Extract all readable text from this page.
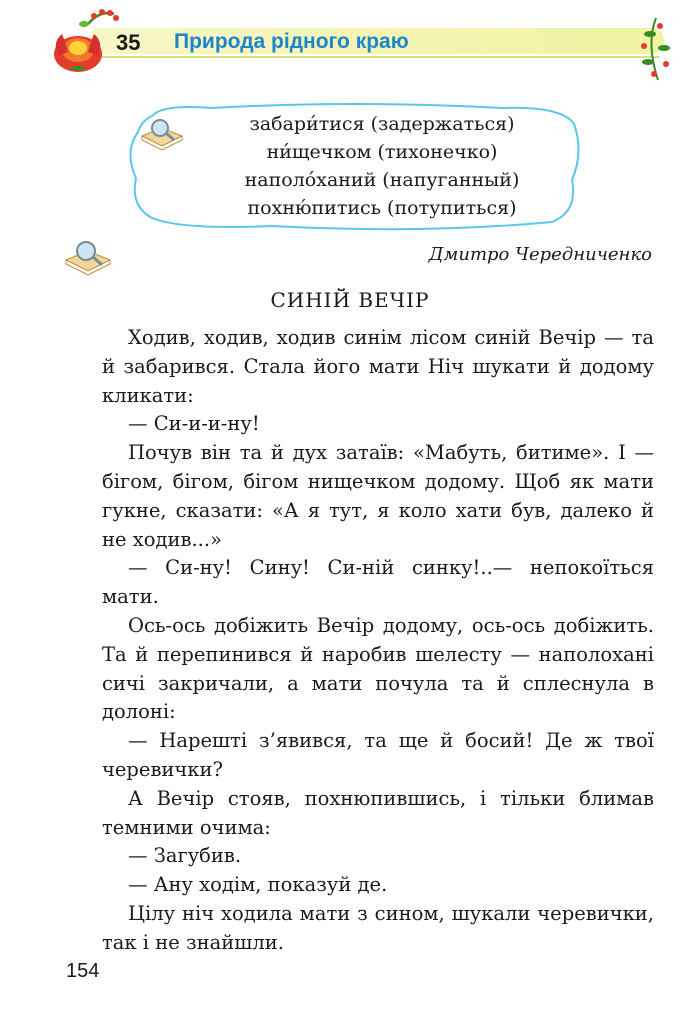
35 Природа рідного краю
забари́тися (задержаться)
ни́щечком (тихонечко)
наполо́ханий (напуганный)
похню́питись (потупиться)
Дмитро Чередниченко
СИНІЙ ВЕЧІР

Ходив, ходив, ходив синім лісом синій Вечір — та й забарився. Стала його мати Ніч шукати й додому кликати:

— Си-и-и-ну!

Почув він та й дух затаїв: «Мабуть, битиме». І — бігом, бігом, бігом нищечком додому. Щоб як мати гукне, сказати: «А я тут, я коло хати був, далеко й не ходив...»

— Си-ну! Сину! Си-ній синку!..— непокоїться мати.

Ось-ось добіжить Вечір додому, ось-ось добіжить. Та й перепинився й наробив шелесту — наполохані сичі закричали, а мати почула та й сплеснула в долоні:

— Нарешті з’явився, та ще й босий! Де ж твої черевички?

А Вечір стояв, похнюпившись, і тільки блимав темними очима:

— Загубив.

— Ану ходім, показуй де.

Цілу ніч ходила мати з сином, шукали черевички, так і не знайшли.

154
